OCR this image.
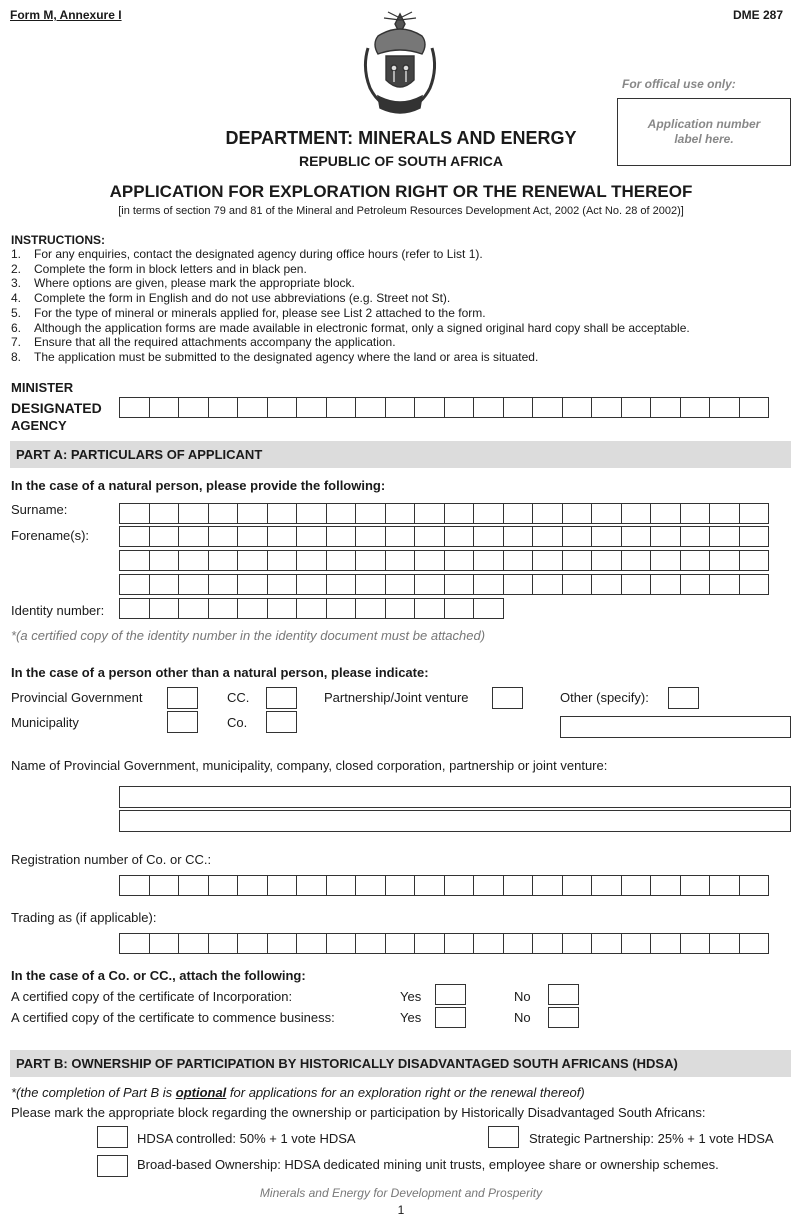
Form M, Annexure I	DME 287
For offical use only:
Application number label here.
DEPARTMENT: MINERALS AND ENERGY
REPUBLIC OF SOUTH AFRICA
APPLICATION FOR EXPLORATION RIGHT OR THE RENEWAL THEREOF
[in terms of section 79 and 81 of the Mineral and Petroleum Resources Development Act, 2002 (Act No. 28 of 2002)]
INSTRUCTIONS:
1. For any enquiries, contact the designated agency during office hours (refer to List 1).
2. Complete the form in block letters and in black pen.
3. Where options are given, please mark the appropriate block.
4. Complete the form in English and do not use abbreviations (e.g. Street not St).
5. For the type of mineral or minerals applied for, please see List 2 attached to the form.
6. Although the application forms are made available in electronic format, only a signed original hard copy shall be acceptable.
7. Ensure that all the required attachments accompany the application.
8. The application must be submitted to the designated agency where the land or area is situated.
MINISTER
DESIGNATED
AGENCY
PART A: PARTICULARS OF APPLICANT
In the case of a natural person, please provide the following:
Surname:
Forename(s):
Identity number:
*(a certified copy of the identity number in the identity document must be attached)
In the case of a person other than a natural person, please indicate:
Provincial Government	CC.	Partnership/Joint venture	Other (specify):
Municipality	Co.
Name of Provincial Government, municipality, company, closed corporation, partnership or joint venture:
Registration number of Co. or CC.:
Trading as (if applicable):
In the case of a Co. or CC., attach the following:
A certified copy of the certificate of Incorporation:	Yes	No
A certified copy of the certificate to commence business:	Yes	No
PART B: OWNERSHIP OF PARTICIPATION BY HISTORICALLY DISADVANTAGED SOUTH AFRICANS (HDSA)
*(the completion of Part B is optional for applications for an exploration right or the renewal thereof)
Please mark the appropriate block regarding the ownership or participation by Historically Disadvantaged South Africans:
HDSA controlled: 50% + 1 vote HDSA	Strategic Partnership: 25% + 1 vote HDSA
Broad-based Ownership: HDSA dedicated mining unit trusts, employee share or ownership schemes.
Minerals and Energy for Development and Prosperity
1
